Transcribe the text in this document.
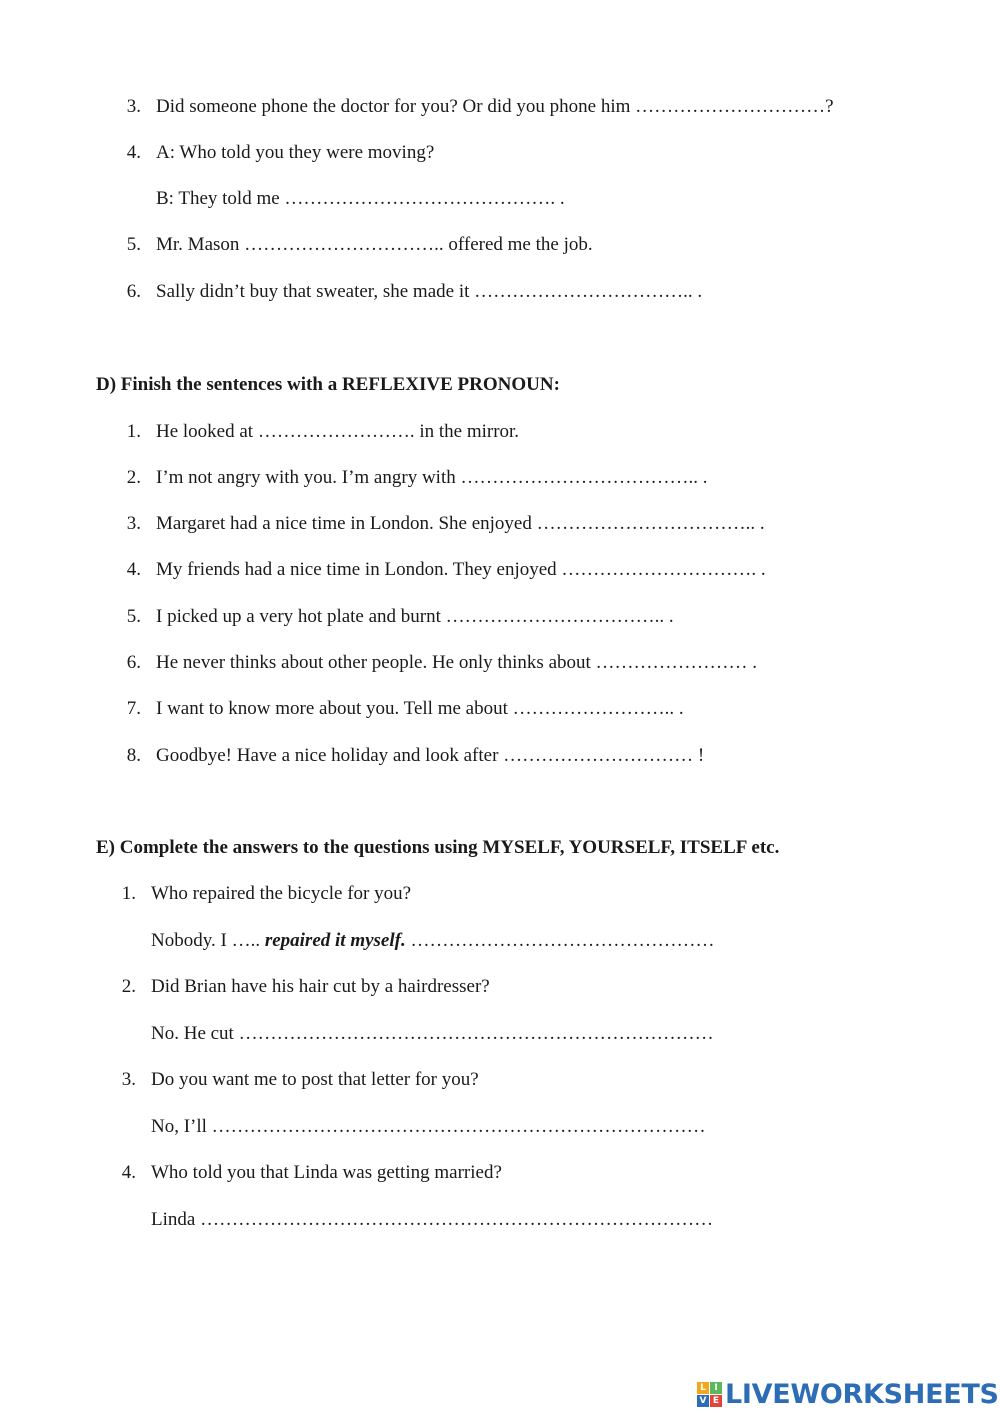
3. Did someone phone the doctor for you? Or did you phone him …………………………?
4. A: Who told you they were moving?
B: They told me ……………………………………. .
5. Mr. Mason ………………………….. offered me the job.
6. Sally didn’t buy that sweater, she made it …………………………….. .
D) Finish the sentences with a REFLEXIVE PRONOUN:
1. He looked at ……………………. in the mirror.
2. I’m not angry with you. I’m angry with ……………………………….. .
3. Margaret had a nice time in London. She enjoyed …………………………….. .
4. My friends had a nice time in London. They enjoyed …………………………. .
5. I picked up a very hot plate and burnt …………………………….. .
6. He never thinks about other people. He only thinks about …………………… .
7. I want to know more about you. Tell me about …………………….. .
8. Goodbye! Have a nice holiday and look after ………………………… !
E) Complete the answers to the questions using MYSELF, YOURSELF, ITSELF etc.
1. Who repaired the bicycle for you?
Nobody. I ….. repaired it myself. …………………………………………
2. Did Brian have his hair cut by a hairdresser?
No. He cut …………………………………………………………………
3. Do you want me to post that letter for you?
No, I’ll ……………………………………………………………………
4. Who told you that Linda was getting married?
Linda ………………………………………………………………………
L I
V E LIVEWORKSHEETS
